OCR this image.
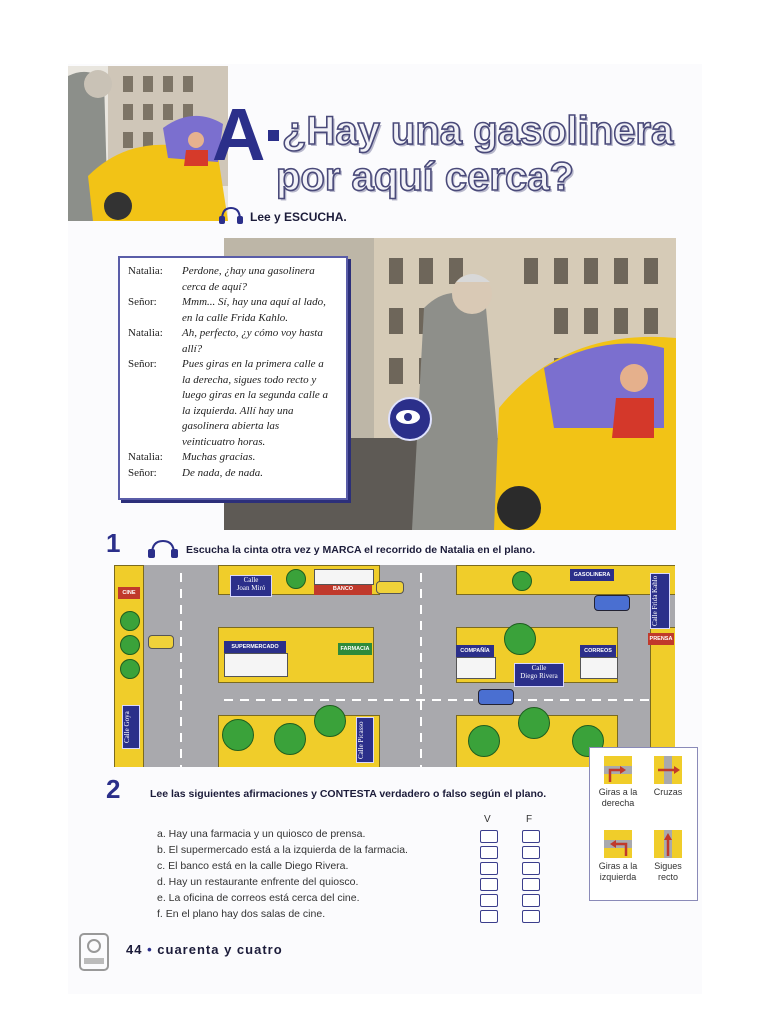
A ¿Hay una gasolinera
por aquí cerca?
Lee y ESCUCHA.
Natalia:	Perdone, ¿hay una gasolinera
cerca de aquí?
Señor:	Mmm... Sí, hay una aquí al lado,
en la calle Frida Kahlo.
Natalia:	Ah, perfecto, ¿y cómo voy hasta
allí?
Señor:	Pues giras en la primera calle a
la derecha, sigues todo recto y
luego giras en la segunda calle a
la izquierda. Allí hay una
gasolinera abierta las
veinticuatro horas.
Natalia:	Muchas gracias.
Señor:	De nada, de nada.
1	Escucha la cinta otra vez y MARCA el recorrido de Natalia en el plano.
CINE
BANCO
GASOLINERA
SUPERMERCADO	FARMACIA	COMPAÑÍA	CORREOS
PRENSA
Calle
Joan Miró
Calle
Diego Rivera
Calle Frida Kahlo
Calle Goya	Calle Picasso
2	Lee las siguientes afirmaciones y CONTESTA verdadero o falso según el plano.
V	F
a. Hay una farmacia y un quiosco de prensa.
b. El supermercado está a la izquierda de la farmacia.
c. El banco está en la calle Diego Rivera.
d. Hay un restaurante enfrente del quiosco.
e. La oficina de correos está cerca del cine.
f. En el plano hay dos salas de cine.
Giras a la
derecha
Cruzas
Giras a la
izquierda
Sigues
recto
44 • cuarenta y cuatro
